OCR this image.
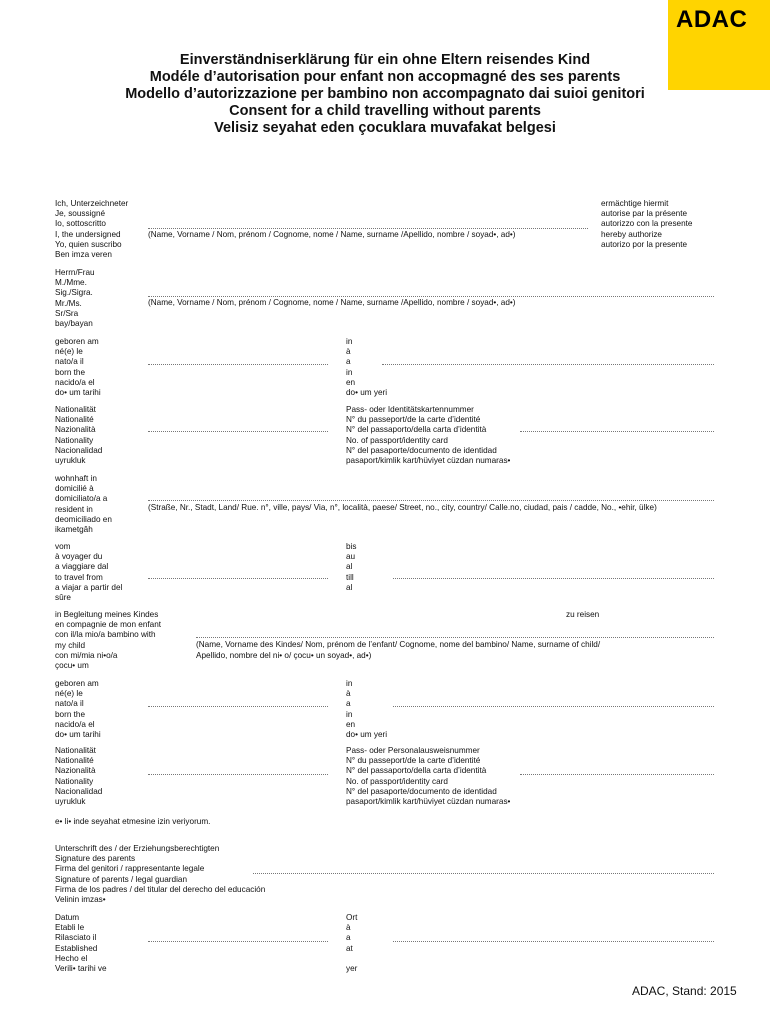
ADAC
Einverständniserklärung für ein ohne Eltern reisendes Kind
Modéle d’autorisation pour enfant non accopmagné des ses parents
Modello d’autorizzazione per bambino non accompagnato dai suioi genitori
Consent for a child travelling without parents
Velisiz seyahat eden çocuklara muvafakat belgesi
Ich, Unterzeichneter
Je, soussigné
Io, sottoscritto
I, the undersigned
Yo, quien suscribo
Ben imza veren
(Name, Vorname / Nom, prénom / Cognome, nome / Name, surname /Apellido, nombre / soyad•, ad•)
ermächtige hiermit
autorise par la présente
autorizzo con la presente
hereby authorize
autorizo por la presente
Herrn/Frau
M./Mme.
Sig./Sigra.
Mr./Ms.
Sr/Sra
bay/bayan
(Name, Vorname / Nom, prénom / Cognome, nome / Name, surname /Apellido, nombre / soyad•, ad•)
geboren am
né(e) le
nato/a il
born the
nacido/a el
do• um tarihi
in
à
a
in
en
do• um yeri
Nationalität
Nationalité
Nazionalità
Nationality
Nacionalidad
uyrukluk
Pass- oder Identitätskartennummer
N° du passeport/de la carte d’identité
N° del passaporto/della carta d’identità
No. of passport/identity card
N° del pasaporte/documento de identidad
pasaport/kimlik kart/hüviyet cüzdan numaras•
wohnhaft in
domicilié à
domiciliato/a a
resident in
deomiciliado en
ikametgâh
(Straße, Nr., Stadt, Land/ Rue. n°, ville, pays/ Via, n°, località, paese/ Street, no., city, country/ Calle.no, ciudad, pais / cadde, No., •ehir, ülke)
vom
à voyager du
a viaggiare dal
to travel from
a viajar a partir del
sûre
bis
au
al
till
al
in Begleitung meines Kindes
en compagnie de mon enfant
con il/la mio/a bambino with
my child
con mi/mia ni•o/a
çocu• um
zu reisen
(Name, Vorname des Kindes/ Nom, prénom de l’enfant/ Cognome, nome del bambino/ Name, surname of child/
Apellido, nombre del ni• o/ çocu• un soyad•, ad•)
geboren am
né(e) le
nato/a il
born the
nacido/a el
do• um tarihi
in
à
a
in
en
do• um yeri
Nationalität
Nationalité
Nazionalità
Nationality
Nacionalidad
uyrukluk
Pass- oder Personalausweisnummer
N° du passeport/de la carte d’identité
N° del passaporto/della carta d’identità
No. of passport/identity card
N° del pasaporte/documento de identidad
pasaport/kimlik kart/hüviyet cüzdan numaras•
e• li• inde seyahat etmesine izin veriyorum.
Unterschrift des / der Erziehungsberechtigten
Signature des parents
Firma del genitori / rappresentante legale
Signature of parents / legal guardian
Firma de los padres / del titular del derecho del educación
Velinin imzas•
Datum
Etabli le
Rilasciato il
Established
Hecho el
Verili• tarihi ve
Ort
à
a
at

yer
ADAC, Stand: 2015
